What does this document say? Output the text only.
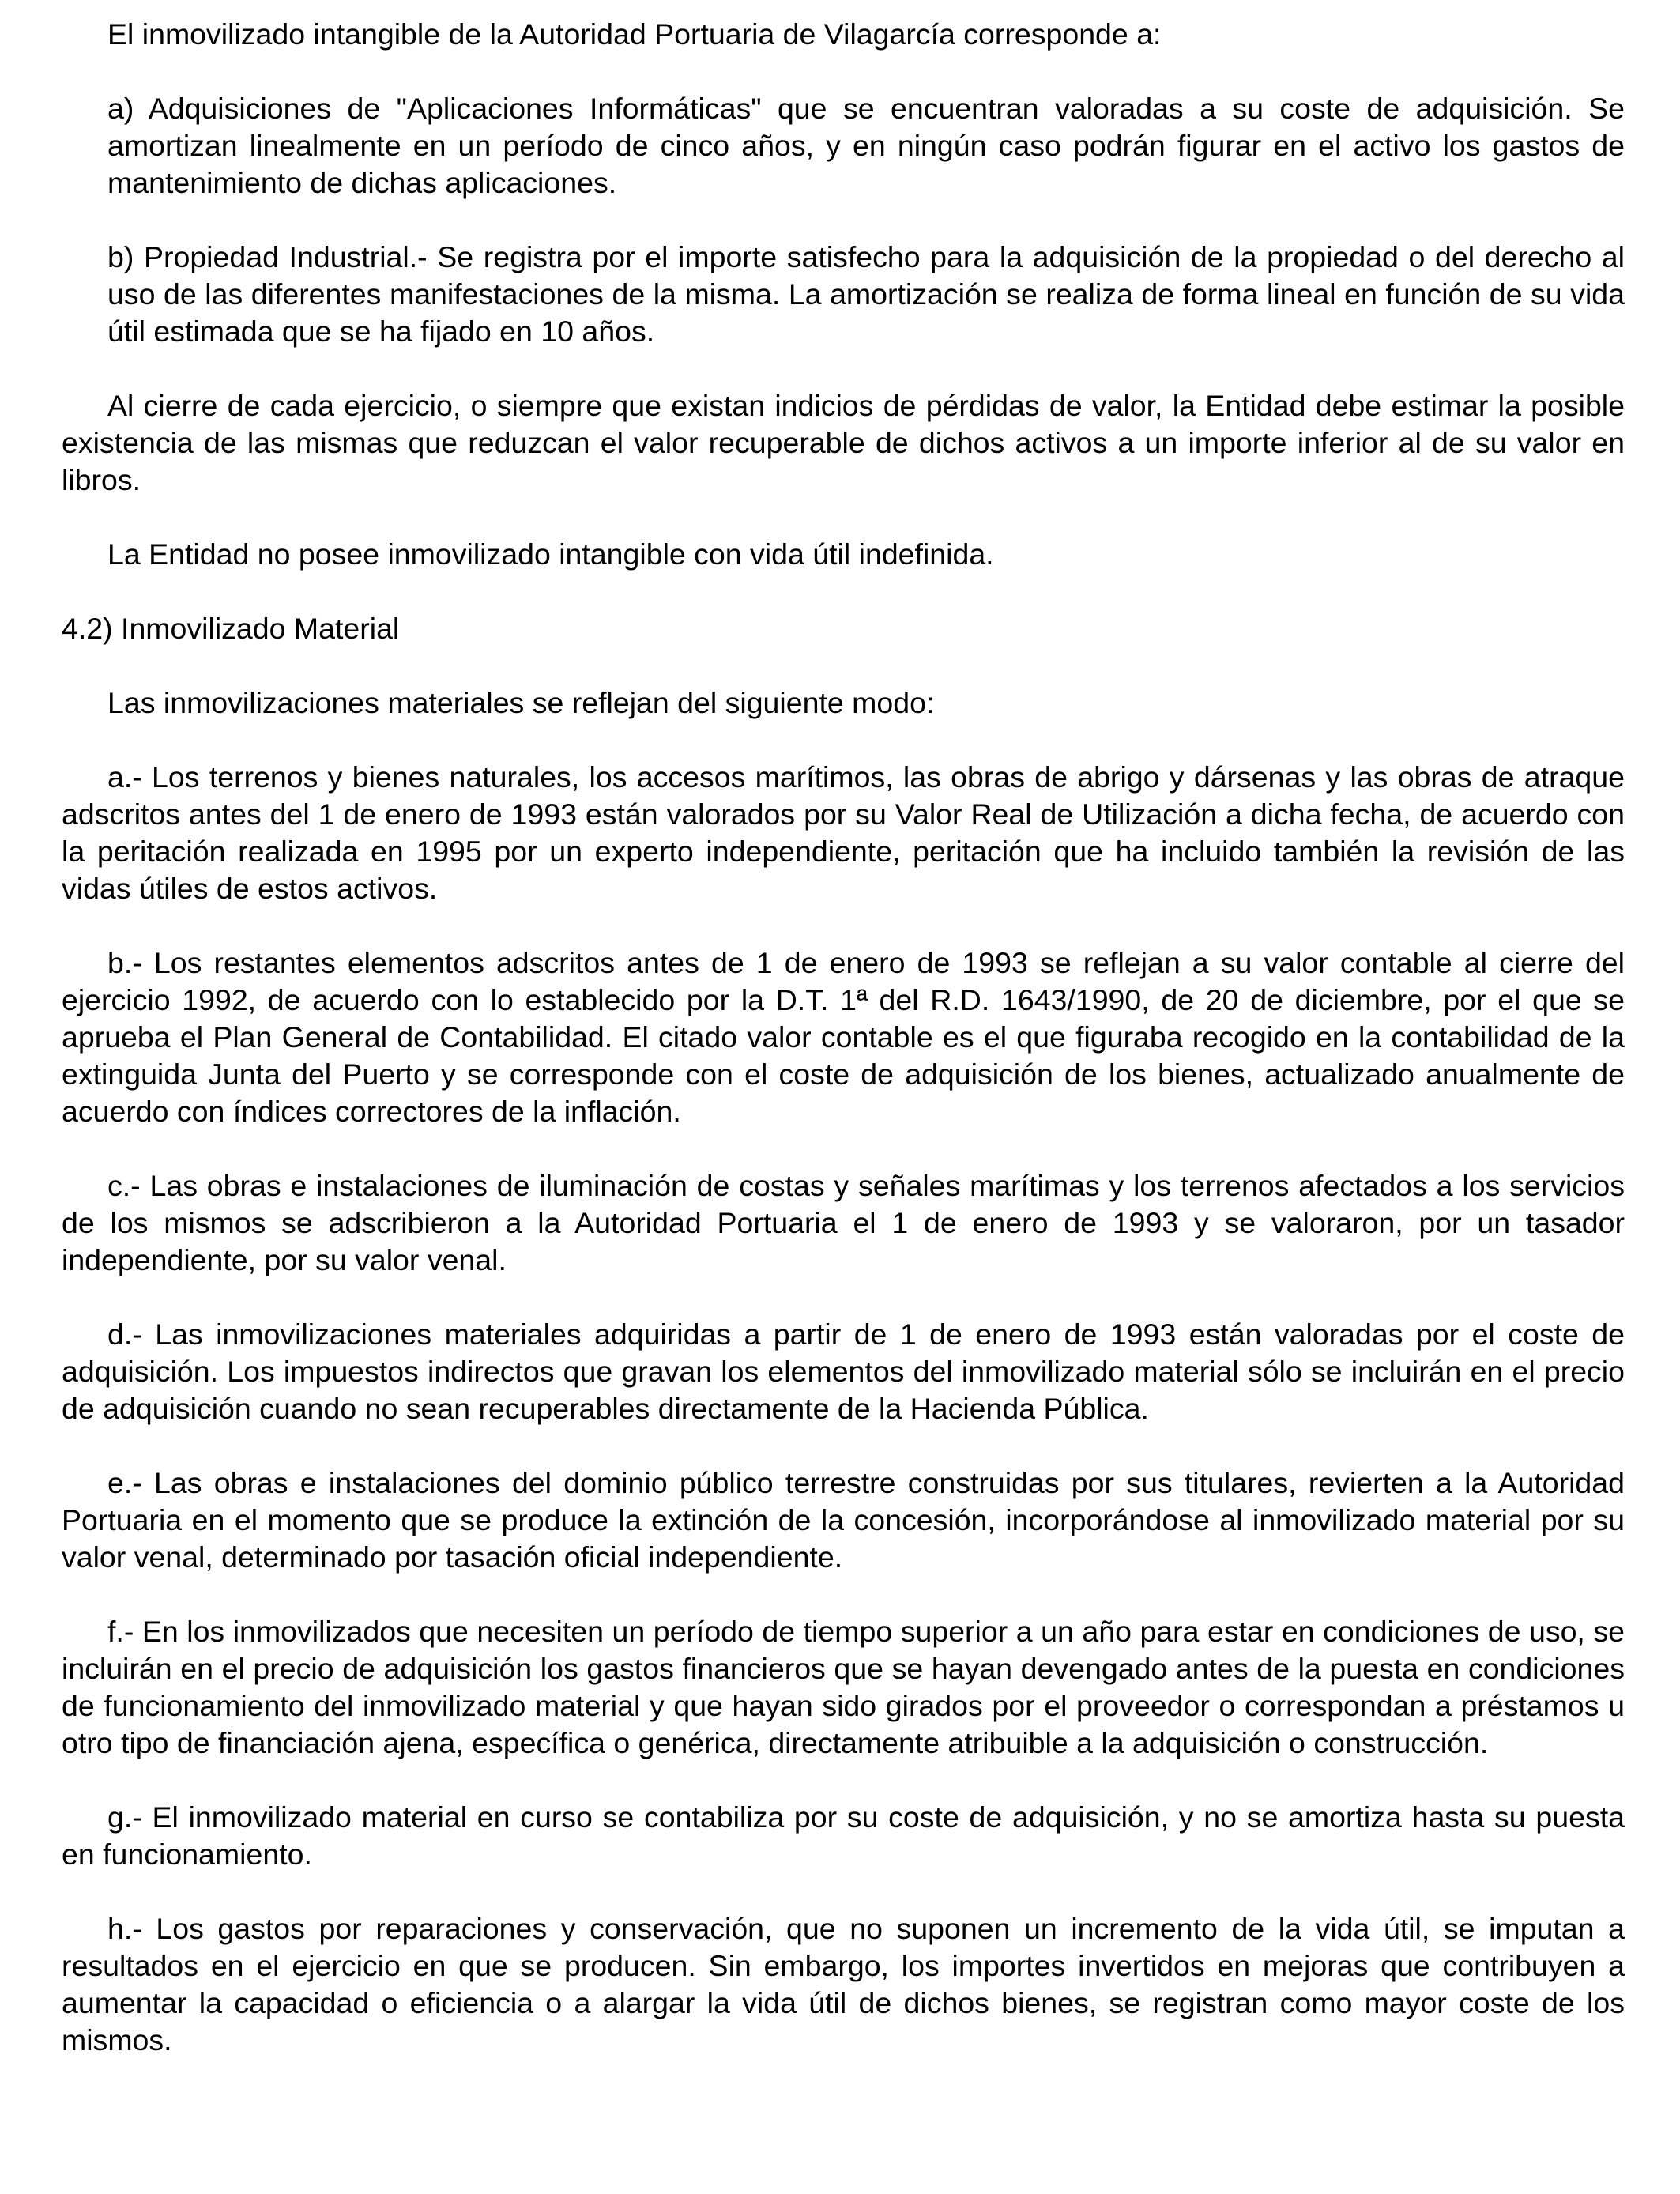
El inmovilizado intangible de la Autoridad Portuaria de Vilagarcía corresponde a:

a) Adquisiciones de "Aplicaciones Informáticas" que se encuentran valoradas a su coste de adquisición. Se amortizan linealmente en un período de cinco años, y en ningún caso podrán figurar en el activo los gastos de mantenimiento de dichas aplicaciones.

b) Propiedad Industrial.- Se registra por el importe satisfecho para la adquisición de la propiedad o del derecho al uso de las diferentes manifestaciones de la misma. La amortización se realiza de forma lineal en función de su vida útil estimada que se ha fijado en 10 años.

Al cierre de cada ejercicio, o siempre que existan indicios de pérdidas de valor, la Entidad debe estimar la posible existencia de las mismas que reduzcan el valor recuperable de dichos activos a un importe inferior al de su valor en libros.

La Entidad no posee inmovilizado intangible con vida útil indefinida.

4.2) Inmovilizado Material

Las inmovilizaciones materiales se reflejan del siguiente modo:

a.- Los terrenos y bienes naturales, los accesos marítimos, las obras de abrigo y dársenas y las obras de atraque adscritos antes del 1 de enero de 1993 están valorados por su Valor Real de Utilización a dicha fecha, de acuerdo con la peritación realizada en 1995 por un experto independiente, peritación que ha incluido también la revisión de las vidas útiles de estos activos.

b.- Los restantes elementos adscritos antes de 1 de enero de 1993 se reflejan a su valor contable al cierre del ejercicio 1992, de acuerdo con lo establecido por la D.T. 1ª del R.D. 1643/1990, de 20 de diciembre, por el que se aprueba el Plan General de Contabilidad. El citado valor contable es el que figuraba recogido en la contabilidad de la extinguida Junta del Puerto y se corresponde con el coste de adquisición de los bienes, actualizado anualmente de acuerdo con índices correctores de la inflación.

c.- Las obras e instalaciones de iluminación de costas y señales marítimas y los terrenos afectados a los servicios de los mismos se adscribieron a la Autoridad Portuaria el 1 de enero de 1993 y se valoraron, por un tasador independiente, por su valor venal.

d.- Las inmovilizaciones materiales adquiridas a partir de 1 de enero de 1993 están valoradas por el coste de adquisición. Los impuestos indirectos que gravan los elementos del inmovilizado material sólo se incluirán en el precio de adquisición cuando no sean recuperables directamente de la Hacienda Pública.

e.- Las obras e instalaciones del dominio público terrestre construidas por sus titulares, revierten a la Autoridad Portuaria en el momento que se produce la extinción de la concesión, incorporándose al inmovilizado material por su valor venal, determinado por tasación oficial independiente.

f.- En los inmovilizados que necesiten un período de tiempo superior a un año para estar en condiciones de uso, se incluirán en el precio de adquisición los gastos financieros que se hayan devengado antes de la puesta en condiciones de funcionamiento del inmovilizado material y que hayan sido girados por el proveedor o correspondan a préstamos u otro tipo de financiación ajena, específica o genérica, directamente atribuible a la adquisición o construcción.

g.- El inmovilizado material en curso se contabiliza por su coste de adquisición, y no se amortiza hasta su puesta en funcionamiento.

h.- Los gastos por reparaciones y conservación, que no suponen un incremento de la vida útil, se imputan a resultados en el ejercicio en que se producen. Sin embargo, los importes invertidos en mejoras que contribuyen a aumentar la capacidad o eficiencia o a alargar la vida útil de dichos bienes, se registran como mayor coste de los mismos.
